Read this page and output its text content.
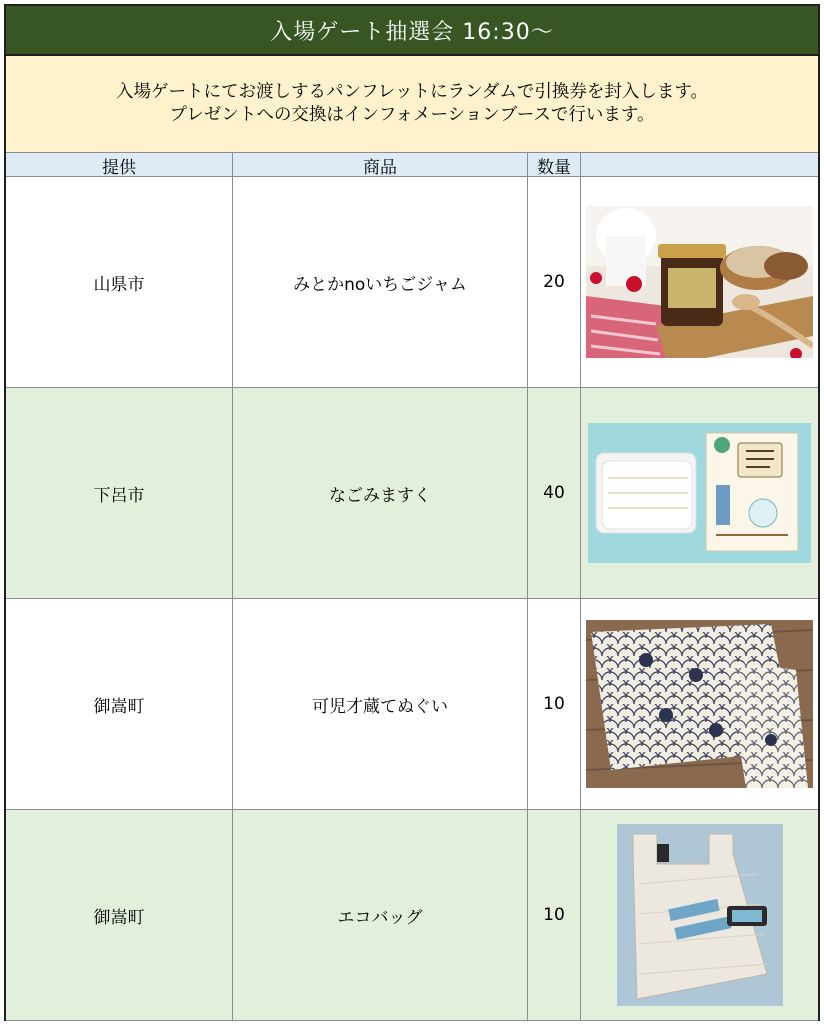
入場ゲート抽選会 16:30～
入場ゲートにてお渡しするパンフレットにランダムで引換券を封入します。
プレゼントへの交換はインフォメーションブースで行います。
提供	商品	数量
山県市	みとかnoいちごジャム	20
下呂市	なごみますく	40
御嵩町	可児才蔵てぬぐい	10
御嵩町	エコバッグ	10
